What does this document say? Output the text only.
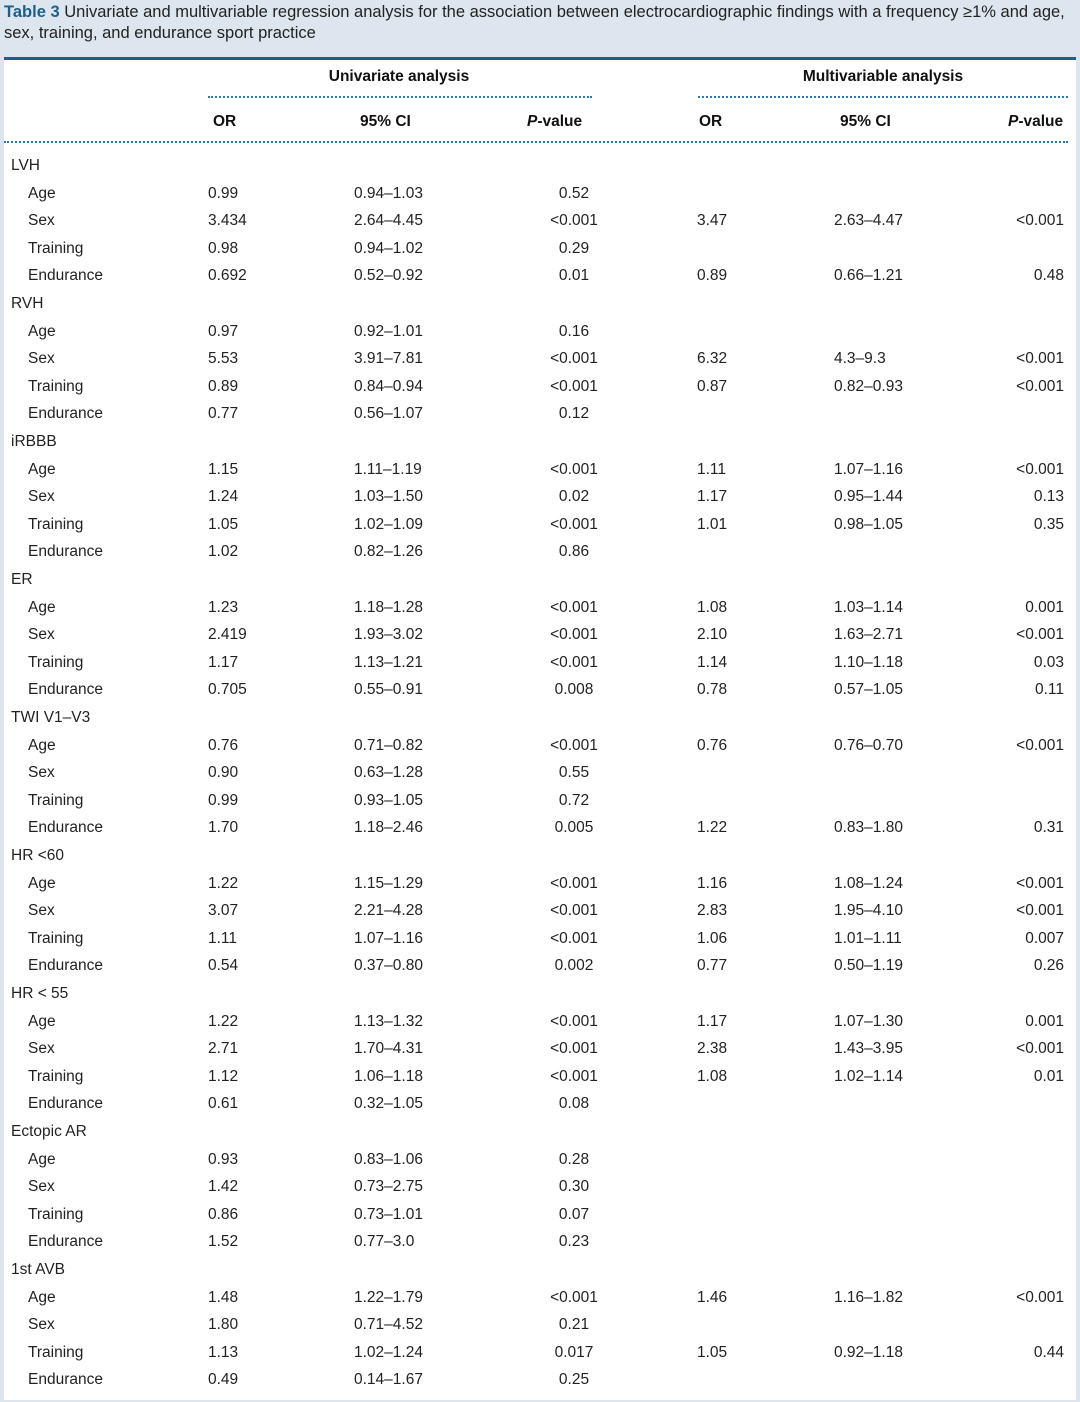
Table 3 Univariate and multivariable regression analysis for the association between electrocardiographic findings with a frequency ≥1% and age, sex, training, and endurance sport practice
Univariate analysis	Multivariable analysis
OR	95% CI	P-value	OR	95% CI	P-value
LVH
Age	0.99	0.94–1.03	0.52
Sex	3.434	2.64–4.45	<0.001	3.47	2.63–4.47	<0.001
Training	0.98	0.94–1.02	0.29
Endurance	0.692	0.52–0.92	0.01	0.89	0.66–1.21	0.48
RVH
Age	0.97	0.92–1.01	0.16
Sex	5.53	3.91–7.81	<0.001	6.32	4.3–9.3	<0.001
Training	0.89	0.84–0.94	<0.001	0.87	0.82–0.93	<0.001
Endurance	0.77	0.56–1.07	0.12
iRBBB
Age	1.15	1.11–1.19	<0.001	1.11	1.07–1.16	<0.001
Sex	1.24	1.03–1.50	0.02	1.17	0.95–1.44	0.13
Training	1.05	1.02–1.09	<0.001	1.01	0.98–1.05	0.35
Endurance	1.02	0.82–1.26	0.86
ER
Age	1.23	1.18–1.28	<0.001	1.08	1.03–1.14	0.001
Sex	2.419	1.93–3.02	<0.001	2.10	1.63–2.71	<0.001
Training	1.17	1.13–1.21	<0.001	1.14	1.10–1.18	0.03
Endurance	0.705	0.55–0.91	0.008	0.78	0.57–1.05	0.11
TWI V1–V3
Age	0.76	0.71–0.82	<0.001	0.76	0.76–0.70	<0.001
Sex	0.90	0.63–1.28	0.55
Training	0.99	0.93–1.05	0.72
Endurance	1.70	1.18–2.46	0.005	1.22	0.83–1.80	0.31
HR <60
Age	1.22	1.15–1.29	<0.001	1.16	1.08–1.24	<0.001
Sex	3.07	2.21–4.28	<0.001	2.83	1.95–4.10	<0.001
Training	1.11	1.07–1.16	<0.001	1.06	1.01–1.11	0.007
Endurance	0.54	0.37–0.80	0.002	0.77	0.50–1.19	0.26
HR < 55
Age	1.22	1.13–1.32	<0.001	1.17	1.07–1.30	0.001
Sex	2.71	1.70–4.31	<0.001	2.38	1.43–3.95	<0.001
Training	1.12	1.06–1.18	<0.001	1.08	1.02–1.14	0.01
Endurance	0.61	0.32–1.05	0.08
Ectopic AR
Age	0.93	0.83–1.06	0.28
Sex	1.42	0.73–2.75	0.30
Training	0.86	0.73–1.01	0.07
Endurance	1.52	0.77–3.0	0.23
1st AVB
Age	1.48	1.22–1.79	<0.001	1.46	1.16–1.82	<0.001
Sex	1.80	0.71–4.52	0.21
Training	1.13	1.02–1.24	0.017	1.05	0.92–1.18	0.44
Endurance	0.49	0.14–1.67	0.25
